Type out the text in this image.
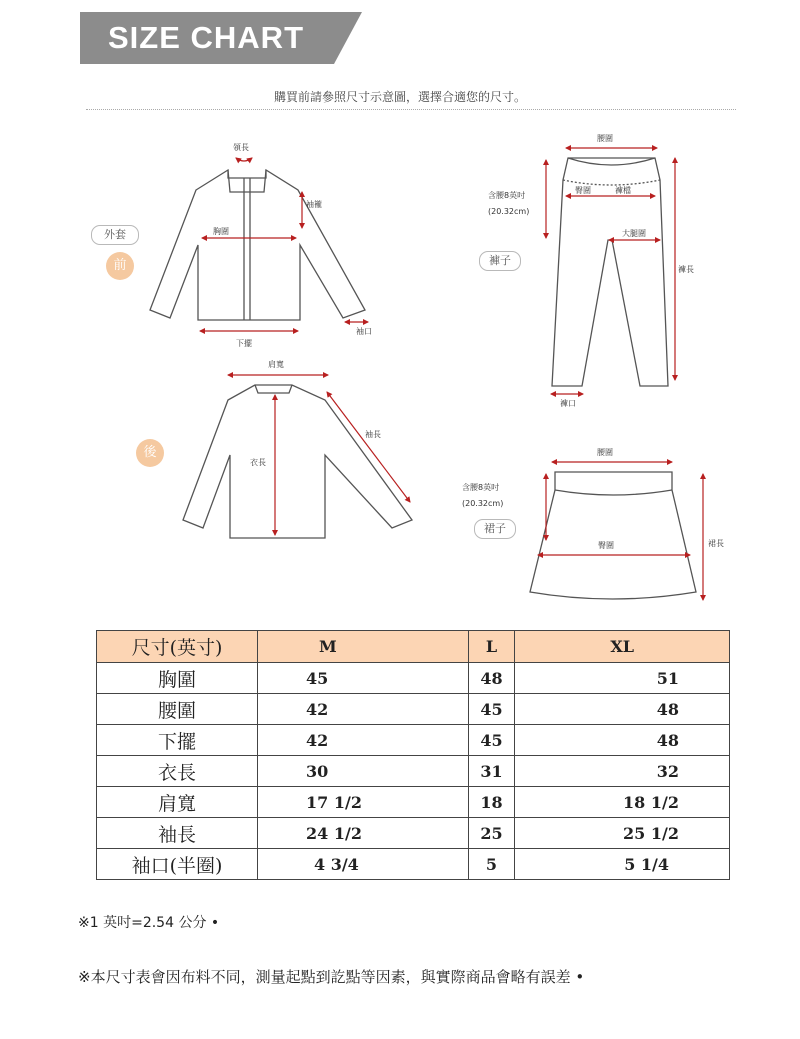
SIZE CHART
購買前請參照尺寸示意圖，選擇合適您的尺寸。
領長
袖襱
胸圍
下擺
袖口
肩寬
袖長
衣長
腰圍
臀圍	褲檔
大腿圍
褲長
褲口
含腰8英吋
(20.32cm)
腰圍
臀圍	裙長
含腰8英吋
(20.32cm)
外套
前
後
褲子
裙子
尺寸(英寸)	M	L	XL
胸圍	45	48	51
腰圍	42	45	48
下擺	42	45	48
衣長	30	31	32
肩寬	17 1/2	18	18 1/2
袖長	24 1/2	25	25 1/2
袖口(半圈)	4 3/4	5	5 1/4
※1 英吋=2.54 公分 •
※本尺寸表會因布料不同，測量起點到訖點等因素，與實際商品會略有誤差 •
